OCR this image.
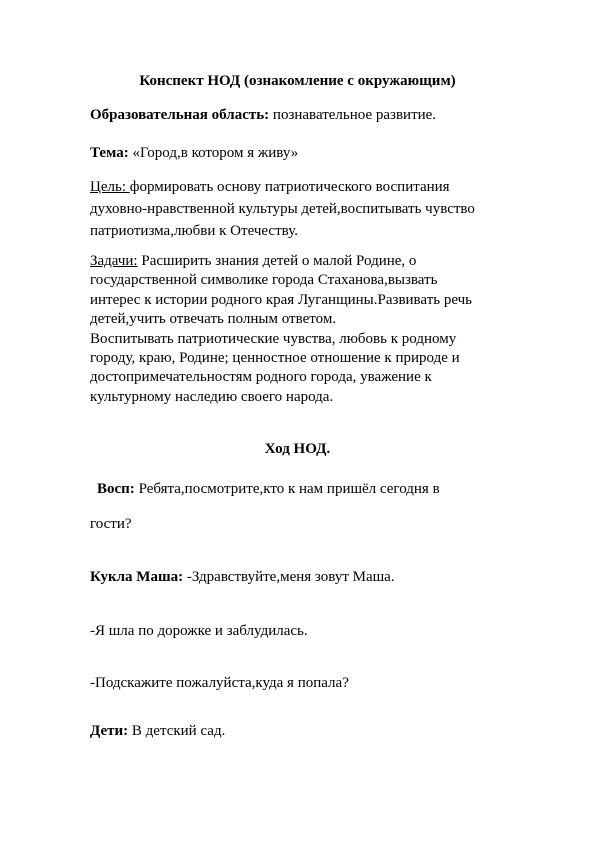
Конспект НОД (ознакомление с окружающим)
Образовательная область: познавательное развитие.
Тема: «Город,в котором я живу»
Цель: формировать основу патриотического воспитания
духовно-нравственной культуры детей,воспитывать чувство
патриотизма,любви к Отечеству.
Задачи: Расширить знания детей о малой Родине, о
государственной символике города Стаханова,вызвать
интерес к истории родного края Луганщины.Развивать речь
детей,учить отвечать полным ответом.
Воспитывать патриотические чувства, любовь к родному
городу, краю, Родине; ценностное отношение к природе и
достопримечательностям родного города, уважение к
культурному наследию своего народа.
Ход НОД.
Восп: Ребята,посмотрите,кто к нам пришёл сегодня в
гости?
Кукла Маша: -Здравствуйте,меня зовут Маша.
-Я шла по дорожке и заблудилась.
-Подскажите пожалуйста,куда я попала?
Дети: В детский сад.
